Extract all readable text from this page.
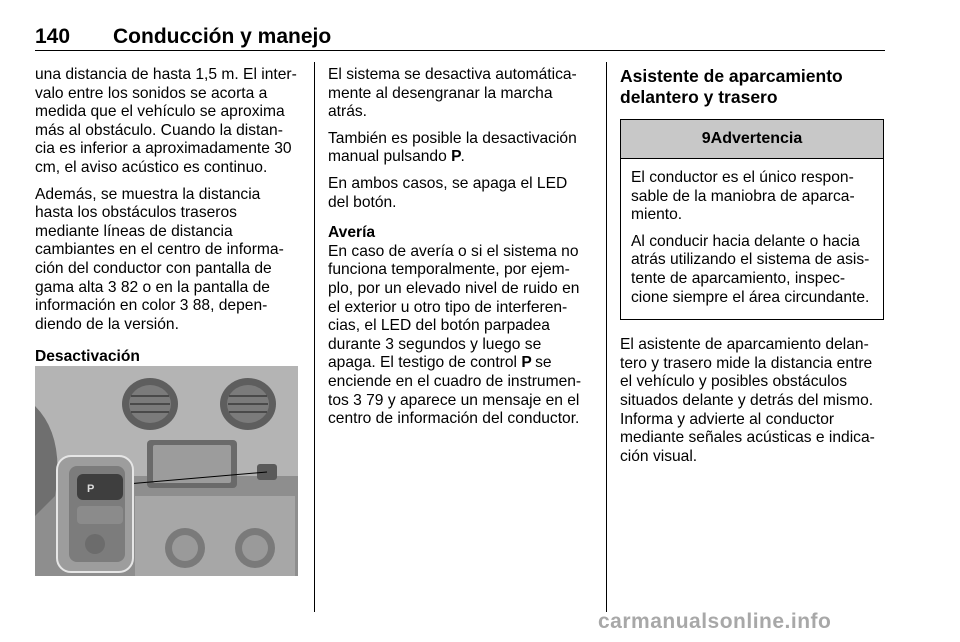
140 Conducción y manejo

una distancia de hasta 1,5 m. El inter-valo entre los sonidos se acorta a medida que el vehículo se aproxima más al obstáculo. Cuando la distan-cia es inferior a aproximadamente 30 cm, el aviso acústico es continuo.

Además, se muestra la distancia hasta los obstáculos traseros mediante líneas de distancia cambiantes en el centro de informa-ción del conductor con pantalla de gama alta 3 82 o en la pantalla de información en color 3 88, depen-diendo de la versión.

Desactivación
P

El sistema se desactiva automática-mente al desengranar la marcha atrás.

También es posible la desactivación manual pulsando P.

En ambos casos, se apaga el LED del botón.

Avería

En caso de avería o si el sistema no funciona temporalmente, por ejem-plo, por un elevado nivel de ruido en el exterior u otro tipo de interferen-cias, el LED del botón parpadea durante 3 segundos y luego se apaga. El testigo de control P se enciende en el cuadro de instrumen-tos 3 79 y aparece un mensaje en el centro de información del conductor.

Asistente de aparcamiento delantero y trasero
9Advertencia

El conductor es el único respon-sable de la maniobra de aparca-miento.

Al conducir hacia delante o hacia atrás utilizando el sistema de asis-tente de aparcamiento, inspec-cione siempre el área circundante.

El asistente de aparcamiento delan-tero y trasero mide la distancia entre el vehículo y posibles obstáculos situados delante y detrás del mismo. Informa y advierte al conductor mediante señales acústicas e indica-ción visual.

carmanualsonline.info
